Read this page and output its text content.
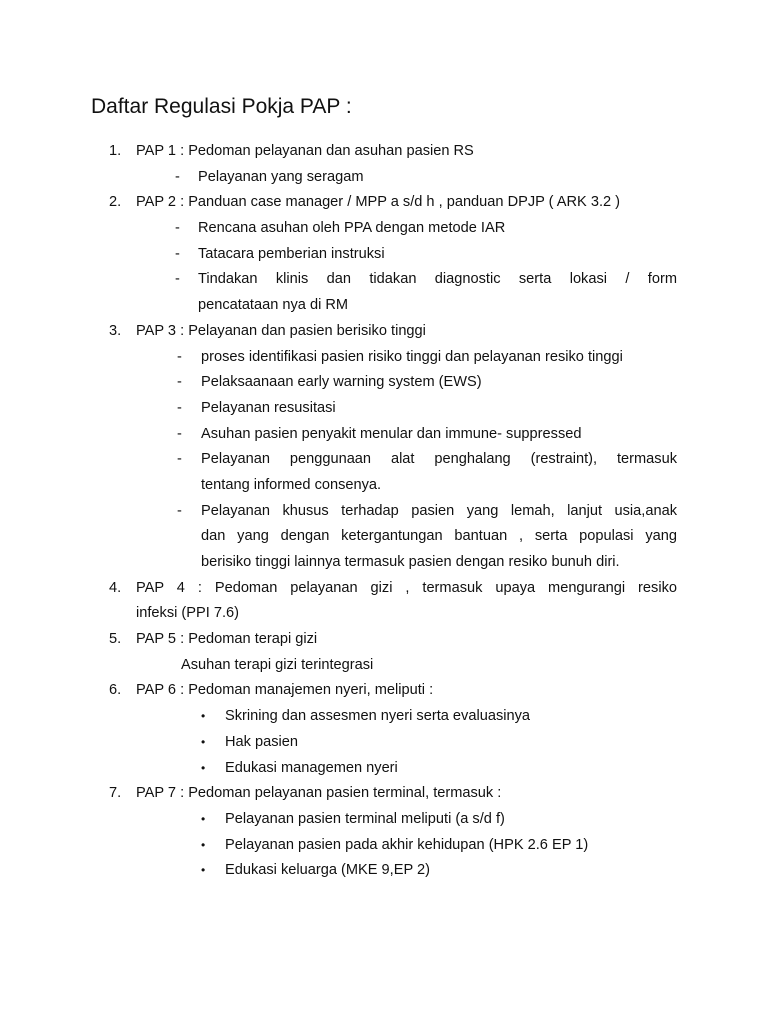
Daftar Regulasi Pokja PAP :
1. PAP 1 : Pedoman pelayanan dan asuhan pasien RS
- Pelayanan yang seragam
2. PAP 2 : Panduan case manager / MPP a s/d h , panduan DPJP ( ARK 3.2 )
- Rencana asuhan oleh PPA dengan metode IAR
- Tatacara pemberian instruksi
- Tindakan klinis dan tidakan diagnostic serta lokasi / form
pencatataan nya di RM
3. PAP 3 : Pelayanan dan pasien berisiko tinggi
- proses identifikasi pasien risiko tinggi dan pelayanan resiko tinggi
- Pelaksaanaan early warning system (EWS)
- Pelayanan resusitasi
- Asuhan pasien penyakit menular dan immune- suppressed
- Pelayanan penggunaan alat penghalang (restraint), termasuk
tentang informed consenya.
- Pelayanan khusus terhadap pasien yang lemah, lanjut usia,anak
dan yang dengan ketergantungan bantuan , serta populasi yang
berisiko tinggi lainnya termasuk pasien dengan resiko bunuh diri.
4. PAP 4 : Pedoman pelayanan gizi , termasuk upaya mengurangi resiko
infeksi (PPI 7.6)
5. PAP 5 : Pedoman terapi gizi
Asuhan terapi gizi terintegrasi
6. PAP 6 : Pedoman manajemen nyeri, meliputi :
• Skrining dan assesmen nyeri serta evaluasinya
• Hak pasien
• Edukasi managemen nyeri
7. PAP 7 : Pedoman pelayanan pasien terminal, termasuk :
• Pelayanan pasien terminal meliputi (a s/d f)
• Pelayanan pasien pada akhir kehidupan (HPK 2.6 EP 1)
• Edukasi keluarga (MKE 9,EP 2)
